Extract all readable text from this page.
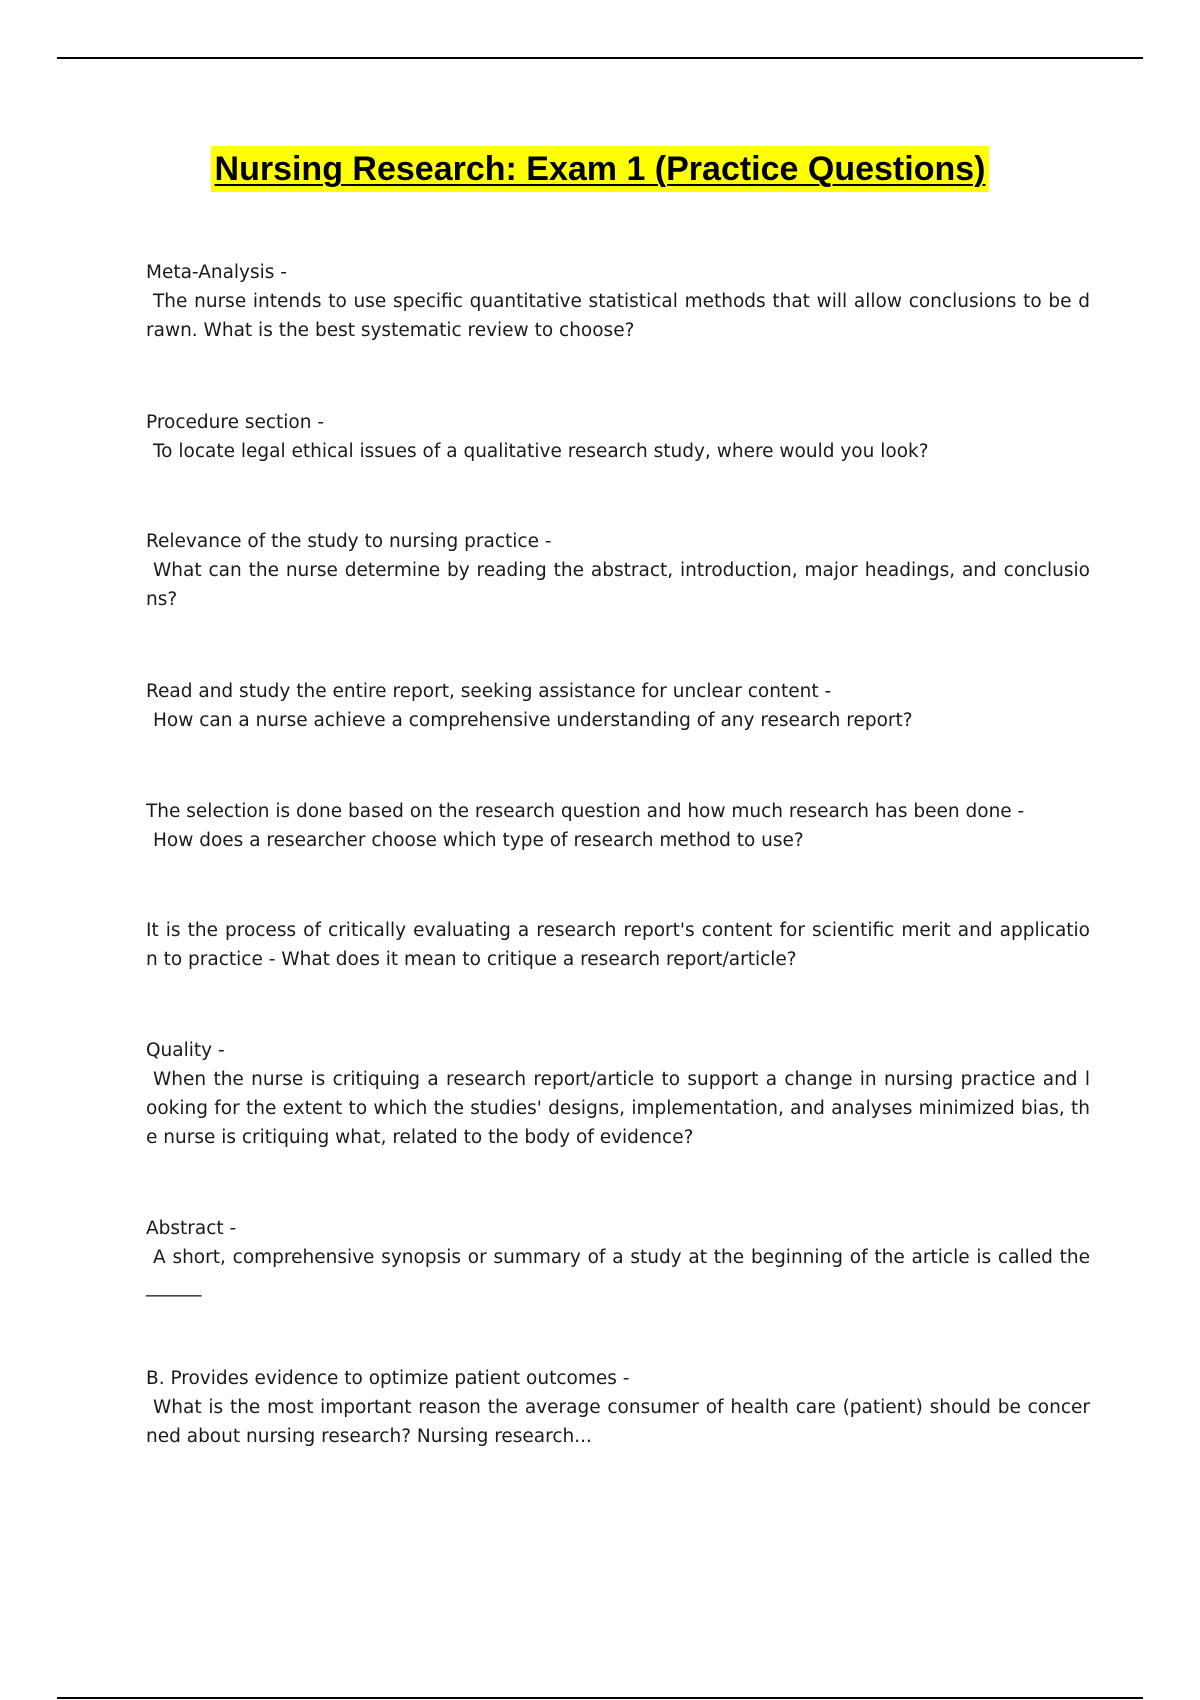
Nursing Research: Exam 1 (Practice Questions)
Meta-Analysis -
The nurse intends to use specific quantitative statistical methods that will allow conclusions to be d rawn. What is the best systematic review to choose?
Procedure section -
To locate legal ethical issues of a qualitative research study, where would you look?
Relevance of the study to nursing practice -
What can the nurse determine by reading the abstract, introduction, major headings, and conclusio ns?
Read and study the entire report, seeking assistance for unclear content -
How can a nurse achieve a comprehensive understanding of any research report?
The selection is done based on the research question and how much research has been done -
How does a researcher choose which type of research method to use?
It is the process of critically evaluating a research report's content for scientific merit and applicatio n to practice - What does it mean to critique a research report/article?
Quality -
When the nurse is critiquing a research report/article to support a change in nursing practice and l ooking for the extent to which the studies' designs, implementation, and analyses minimized bias, th e nurse is critiquing what, related to the body of evidence?
Abstract -
A short, comprehensive synopsis or summary of a study at the beginning of the article is called the ______
B. Provides evidence to optimize patient outcomes -
What is the most important reason the average consumer of health care (patient) should be concer ned about nursing research? Nursing research...
